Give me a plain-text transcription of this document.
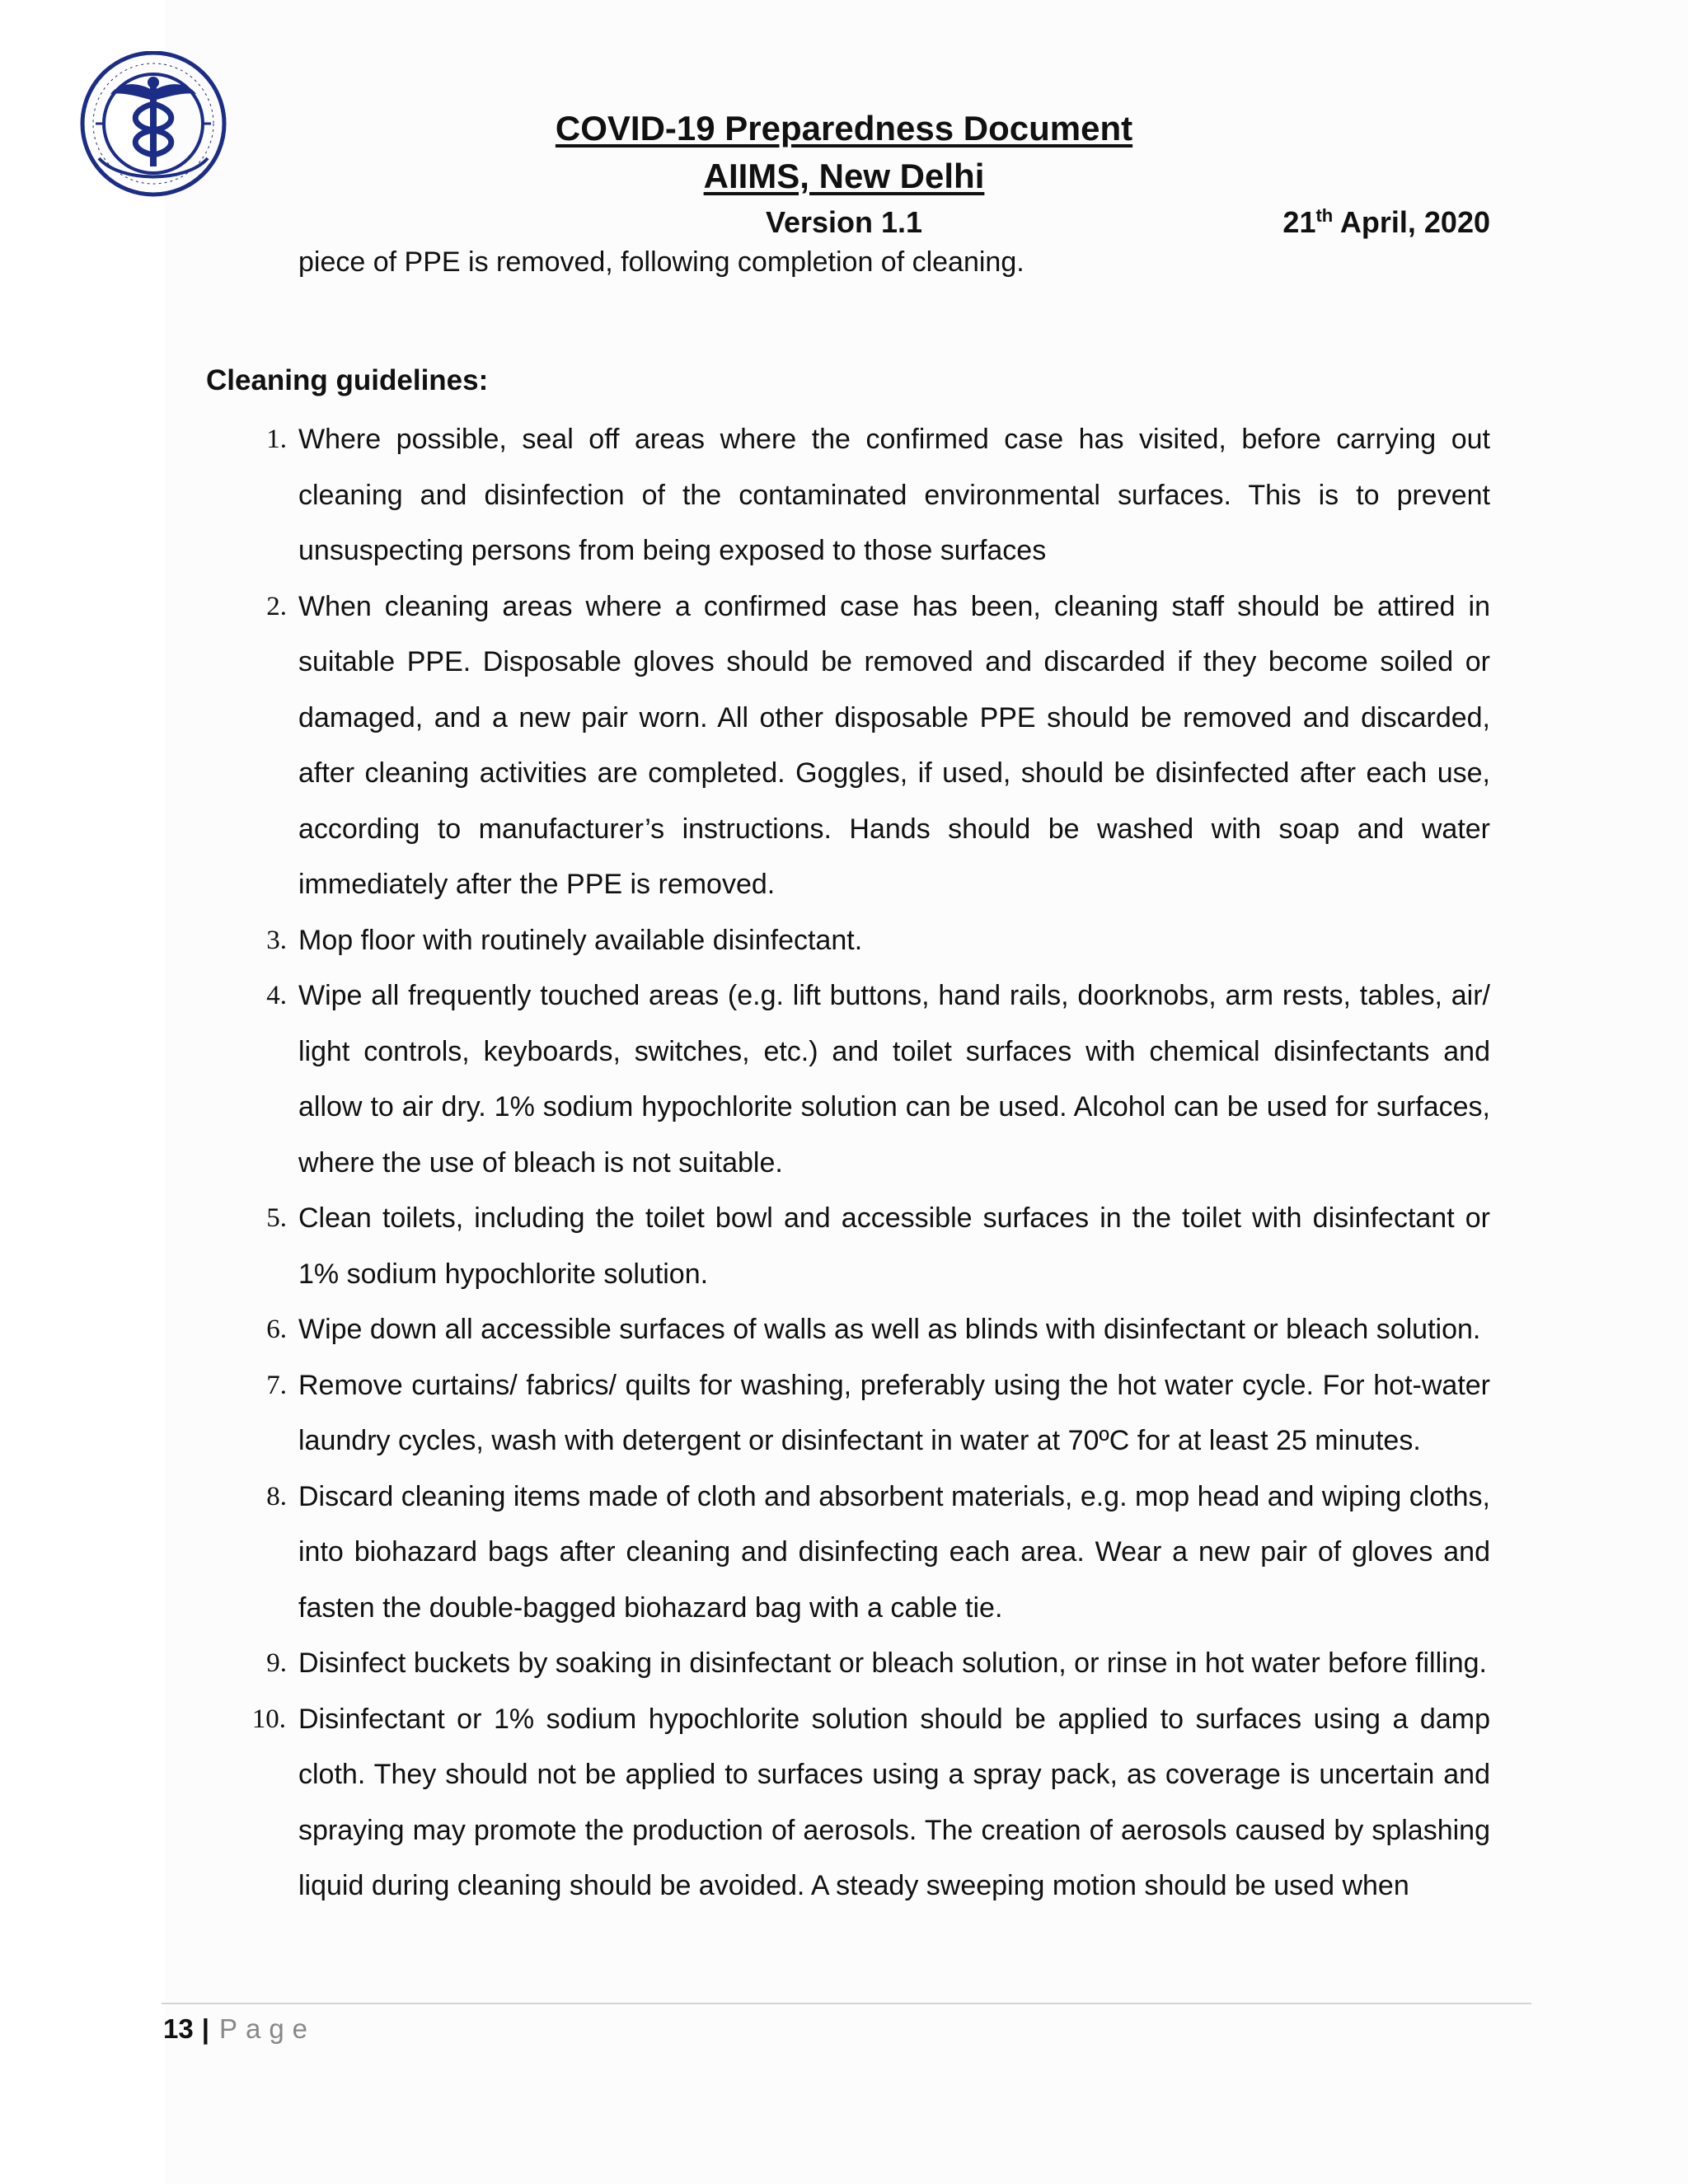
COVID-19 Preparedness Document
AIIMS, New Delhi
Version 1.1	21th April, 2020
piece of PPE is removed, following completion of cleaning.
Cleaning guidelines:
1. Where possible, seal off areas where the confirmed case has visited, before carrying out cleaning and disinfection of the contaminated environmental surfaces. This is to prevent unsuspecting persons from being exposed to those surfaces
2. When cleaning areas where a confirmed case has been, cleaning staff should be attired in suitable PPE. Disposable gloves should be removed and discarded if they become soiled or damaged, and a new pair worn. All other disposable PPE should be removed and discarded, after cleaning activities are completed. Goggles, if used, should be disinfected after each use, according to manufacturer’s instructions. Hands should be washed with soap and water immediately after the PPE is removed.
3. Mop floor with routinely available disinfectant.
4. Wipe all frequently touched areas (e.g. lift buttons, hand rails, doorknobs, arm rests, tables, air/ light controls, keyboards, switches, etc.) and toilet surfaces with chemical disinfectants and allow to air dry. 1% sodium hypochlorite solution can be used. Alcohol can be used for surfaces, where the use of bleach is not suitable.
5. Clean toilets, including the toilet bowl and accessible surfaces in the toilet with disinfectant or 1% sodium hypochlorite solution.
6. Wipe down all accessible surfaces of walls as well as blinds with disinfectant or bleach solution.
7. Remove curtains/ fabrics/ quilts for washing, preferably using the hot water cycle. For hot-water laundry cycles, wash with detergent or disinfectant in water at 70ºC for at least 25 minutes.
8. Discard cleaning items made of cloth and absorbent materials, e.g. mop head and wiping cloths, into biohazard bags after cleaning and disinfecting each area. Wear a new pair of gloves and fasten the double-bagged biohazard bag with a cable tie.
9. Disinfect buckets by soaking in disinfectant or bleach solution, or rinse in hot water before filling.
10. Disinfectant or 1% sodium hypochlorite solution should be applied to surfaces using a damp cloth. They should not be applied to surfaces using a spray pack, as coverage is uncertain and spraying may promote the production of aerosols. The creation of aerosols caused by splashing liquid during cleaning should be avoided. A steady sweeping motion should be used when
13 | Page
